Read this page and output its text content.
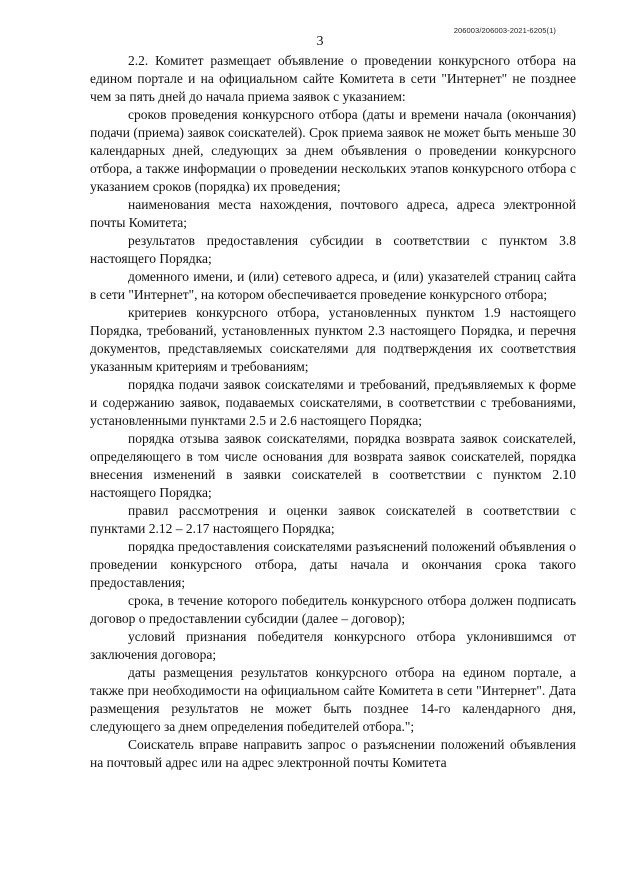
206003/206003-2021-6205(1)
3

2.2. Комитет размещает объявление о проведении конкурсного отбора на едином портале и на официальном сайте Комитета в сети "Интернет" не позднее чем за пять дней до начала приема заявок с указанием:

сроков проведения конкурсного отбора (даты и времени начала (окончания) подачи (приема) заявок соискателей). Срок приема заявок не может быть меньше 30 календарных дней, следующих за днем объявления о проведении конкурсного отбора, а также информации о проведении нескольких этапов конкурсного отбора с указанием сроков (порядка) их проведения;

наименования места нахождения, почтового адреса, адреса электронной почты Комитета;

результатов предоставления субсидии в соответствии с пунктом 3.8 настоящего Порядка;

доменного имени, и (или) сетевого адреса, и (или) указателей страниц сайта в сети "Интернет", на котором обеспечивается проведение конкурсного отбора;

критериев конкурсного отбора, установленных пунктом 1.9 настоящего Порядка, требований, установленных пунктом 2.3 настоящего Порядка, и перечня документов, представляемых соискателями для подтверждения их соответствия указанным критериям и требованиям;

порядка подачи заявок соискателями и требований, предъявляемых к форме и содержанию заявок, подаваемых соискателями, в соответствии с требованиями, установленными пунктами 2.5 и 2.6 настоящего Порядка;

порядка отзыва заявок соискателями, порядка возврата заявок соискателей, определяющего в том числе основания для возврата заявок соискателей, порядка внесения изменений в заявки соискателей в соответствии с пунктом 2.10 настоящего Порядка;

правил рассмотрения и оценки заявок соискателей в соответствии с пунктами 2.12 – 2.17 настоящего Порядка;

порядка предоставления соискателями разъяснений положений объявления о проведении конкурсного отбора, даты начала и окончания срока такого предоставления;

срока, в течение которого победитель конкурсного отбора должен подписать договор о предоставлении субсидии (далее – договор);

условий признания победителя конкурсного отбора уклонившимся от заключения договора;

даты размещения результатов конкурсного отбора на едином портале, а также при необходимости на официальном сайте Комитета в сети "Интернет". Дата размещения результатов не может быть позднее 14-го календарного дня, следующего за днем определения победителей отбора.";

Соискатель вправе направить запрос о разъяснении положений объявления на почтовый адрес или на адрес электронной почты Комитета
